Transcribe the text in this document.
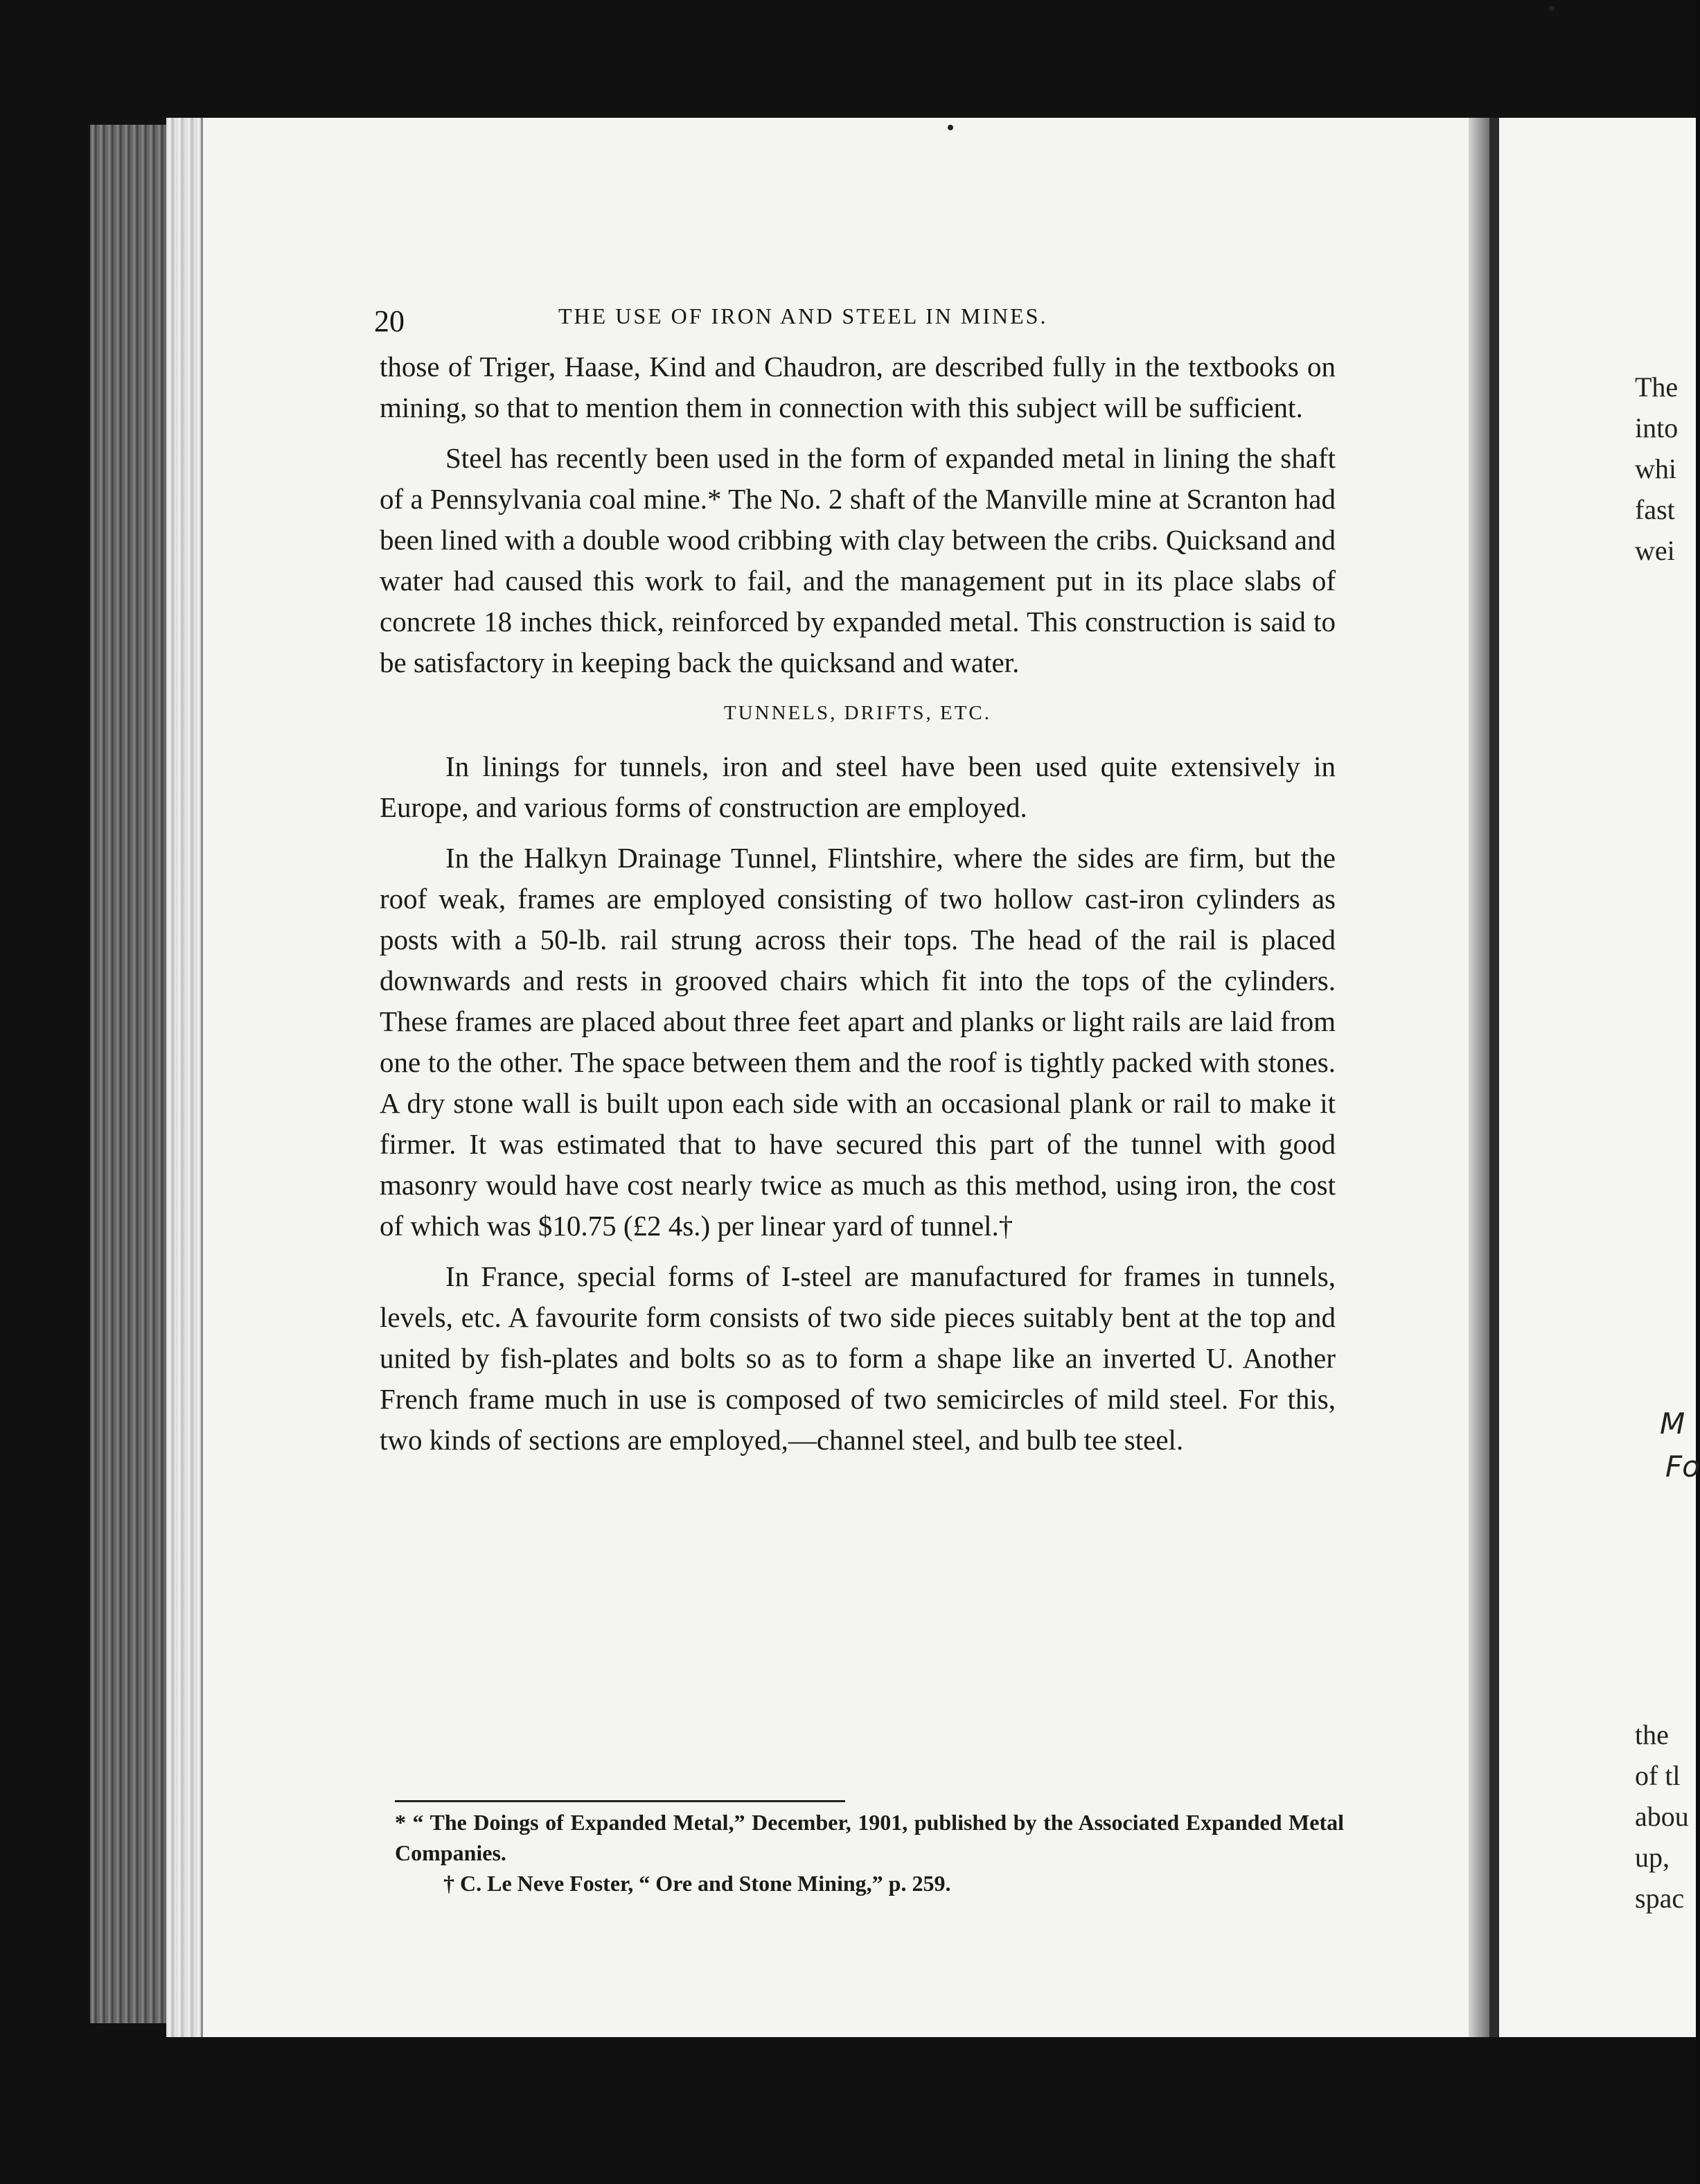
20	THE USE OF IRON AND STEEL IN MINES.

those of Triger, Haase, Kind and Chaudron, are described fully in the textbooks on mining, so that to mention them in connection with this subject will be sufficient.

Steel has recently been used in the form of expanded metal in lining the shaft of a Pennsylvania coal mine.* The No. 2 shaft of the Manville mine at Scranton had been lined with a double wood cribbing with clay between the cribs. Quicksand and water had caused this work to fail, and the management put in its place slabs of concrete 18 inches thick, reinforced by expanded metal. This construction is said to be satisfactory in keeping back the quicksand and water.

TUNNELS, DRIFTS, ETC.

In linings for tunnels, iron and steel have been used quite extensively in Europe, and various forms of construction are employed.

In the Halkyn Drainage Tunnel, Flintshire, where the sides are firm, but the roof weak, frames are employed consisting of two hollow cast-iron cylinders as posts with a 50-lb. rail strung across their tops. The head of the rail is placed downwards and rests in grooved chairs which fit into the tops of the cylinders. These frames are placed about three feet apart and planks or light rails are laid from one to the other. The space between them and the roof is tightly packed with stones. A dry stone wall is built upon each side with an occasional plank or rail to make it firmer. It was estimated that to have secured this part of the tunnel with good masonry would have cost nearly twice as much as this method, using iron, the cost of which was $10.75 (£2 4s.) per linear yard of tunnel.†

In France, special forms of I-steel are manufactured for frames in tunnels, levels, etc. A favourite form consists of two side pieces suitably bent at the top and united by fish-plates and bolts so as to form a shape like an inverted U. Another French frame much in use is composed of two semicircles of mild steel. For this, two kinds of sections are employed,—channel steel, and bulb tee steel.

* “ The Doings of Expanded Metal,” December, 1901, published by the Associated Expanded Metal Companies.

† C. Le Neve Foster, “ Ore and Stone Mining,” p. 259.

The
into
whi
fast
wei
M
Fo
the
of tl
abou
up,
spac
